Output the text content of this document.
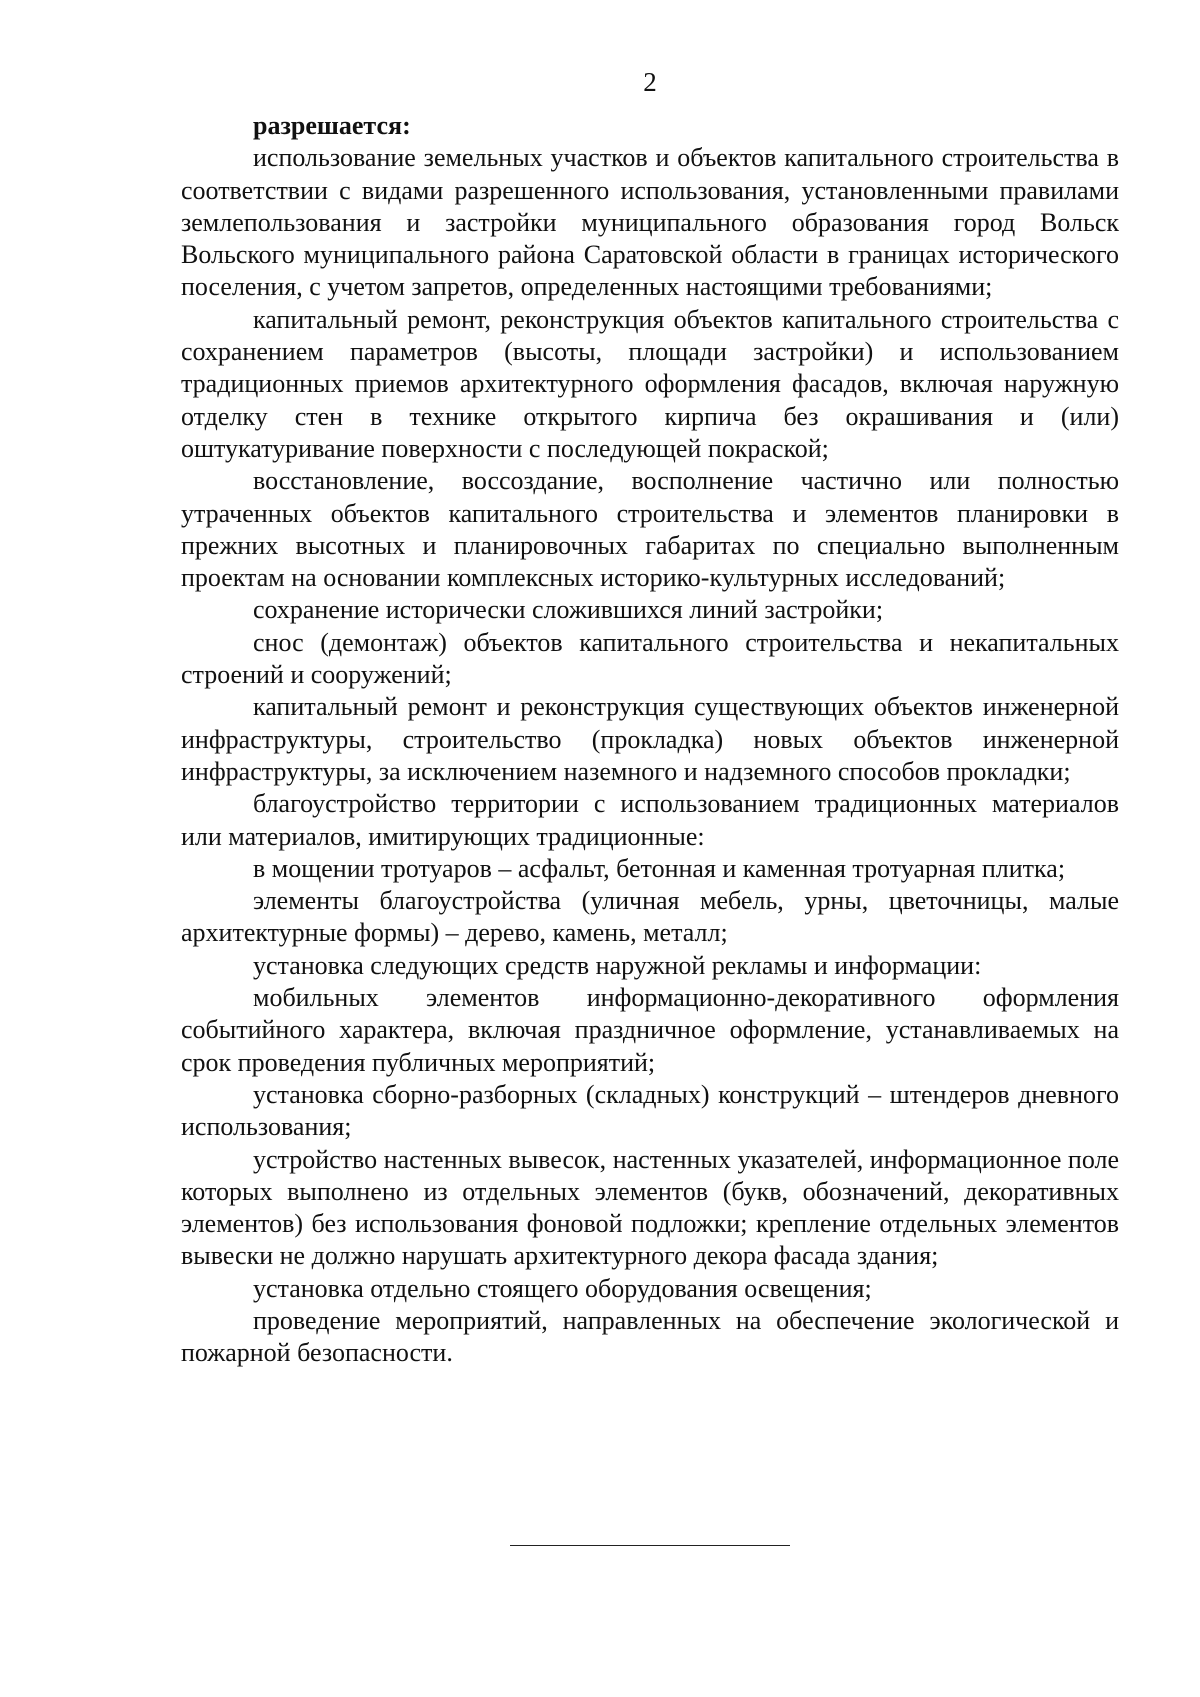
2

разрешается:

использование земельных участков и объектов капитального строительства в соответствии с видами разрешенного использования, установленными правилами землепользования и застройки муниципального образования город Вольск Вольского муниципального района Саратовской области в границах исторического поселения, с учетом запретов, определенных настоящими требованиями;

капитальный ремонт, реконструкция объектов капитального строительства с сохранением параметров (высоты, площади застройки) и использованием традиционных приемов архитектурного оформления фасадов, включая наружную отделку стен в технике открытого кирпича без окрашивания и (или) оштукатуривание поверхности с последующей покраской;

восстановление, воссоздание, восполнение частично или полностью утраченных объектов капитального строительства и элементов планировки в прежних высотных и планировочных габаритах по специально выполненным проектам на основании комплексных историко-культурных исследований;

сохранение исторически сложившихся линий застройки;

снос (демонтаж) объектов капитального строительства и некапитальных строений и сооружений;

капитальный ремонт и реконструкция существующих объектов инженерной инфраструктуры, строительство (прокладка) новых объектов инженерной инфраструктуры, за исключением наземного и надземного способов прокладки;

благоустройство территории с использованием традиционных материалов или материалов, имитирующих традиционные:

в мощении тротуаров – асфальт, бетонная и каменная тротуарная плитка;

элементы благоустройства (уличная мебель, урны, цветочницы, малые архитектурные формы) – дерево, камень, металл;

установка следующих средств наружной рекламы и информации:

мобильных элементов информационно-декоративного оформления событийного характера, включая праздничное оформление, устанавливаемых на срок проведения публичных мероприятий;

установка сборно-разборных (складных) конструкций – штендеров дневного использования;

устройство настенных вывесок, настенных указателей, информационное поле которых выполнено из отдельных элементов (букв, обозначений, декоративных элементов) без использования фоновой подложки; крепление отдельных элементов вывески не должно нарушать архитектурного декора фасада здания;

установка отдельно стоящего оборудования освещения;

проведение мероприятий, направленных на обеспечение экологической и пожарной безопасности.
